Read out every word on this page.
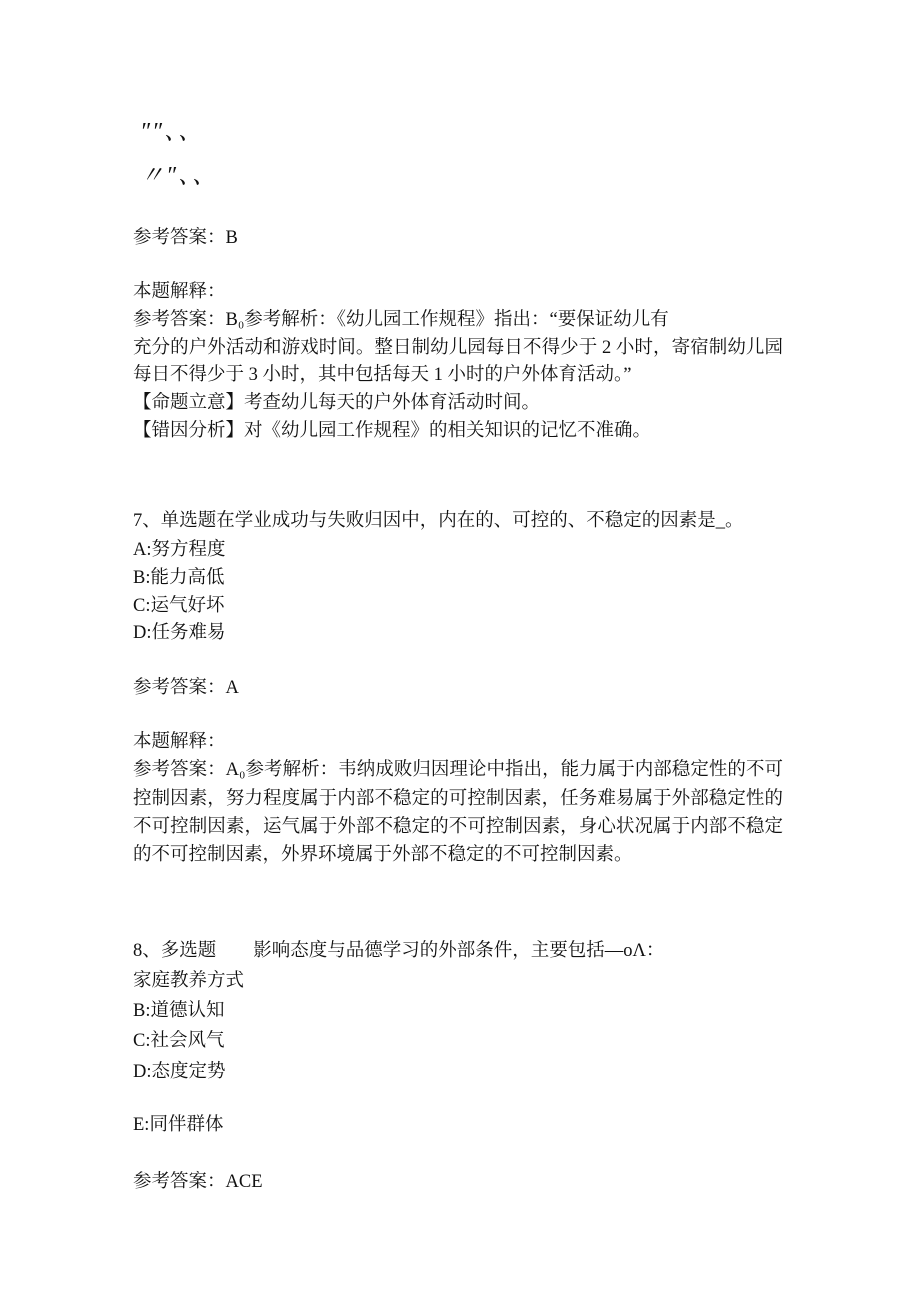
″″、、
〃″、、
参考答案：B
本题解释：
参考答案：B₀参考解析：《幼儿园工作规程》指出：“要保证幼儿有
充分的户外活动和游戏时间。整日制幼儿园每日不得少于 2 小时，寄宿制幼儿园
每日不得少于 3 小时，其中包括每天 1 小时的户外体育活动。”
【命题立意】考查幼儿每天的户外体育活动时间。
【错因分析】对《幼儿园工作规程》的相关知识的记忆不准确。
7、单选题在学业成功与失败归因中，内在的、可控的、不稳定的因素是_。
A:努方程度
B:能力高低
C:运气好坏
D:任务难易
参考答案：A
本题解释：
参考答案：A₀参考解析：韦纳成败归因理论中指出，能力属于内部稳定性的不可
控制因素，努力程度属于内部不稳定的可控制因素，任务难易属于外部稳定性的
不可控制因素，运气属于外部不稳定的不可控制因素，身心状况属于内部不稳定
的不可控制因素，外界环境属于外部不稳定的不可控制因素。
8、多选题 影响态度与品德学习的外部条件，主要包括—oΛ：
家庭教养方式
B:道德认知
C:社会风气
D:态度定势
E:同伴群体
参考答案：ACE
